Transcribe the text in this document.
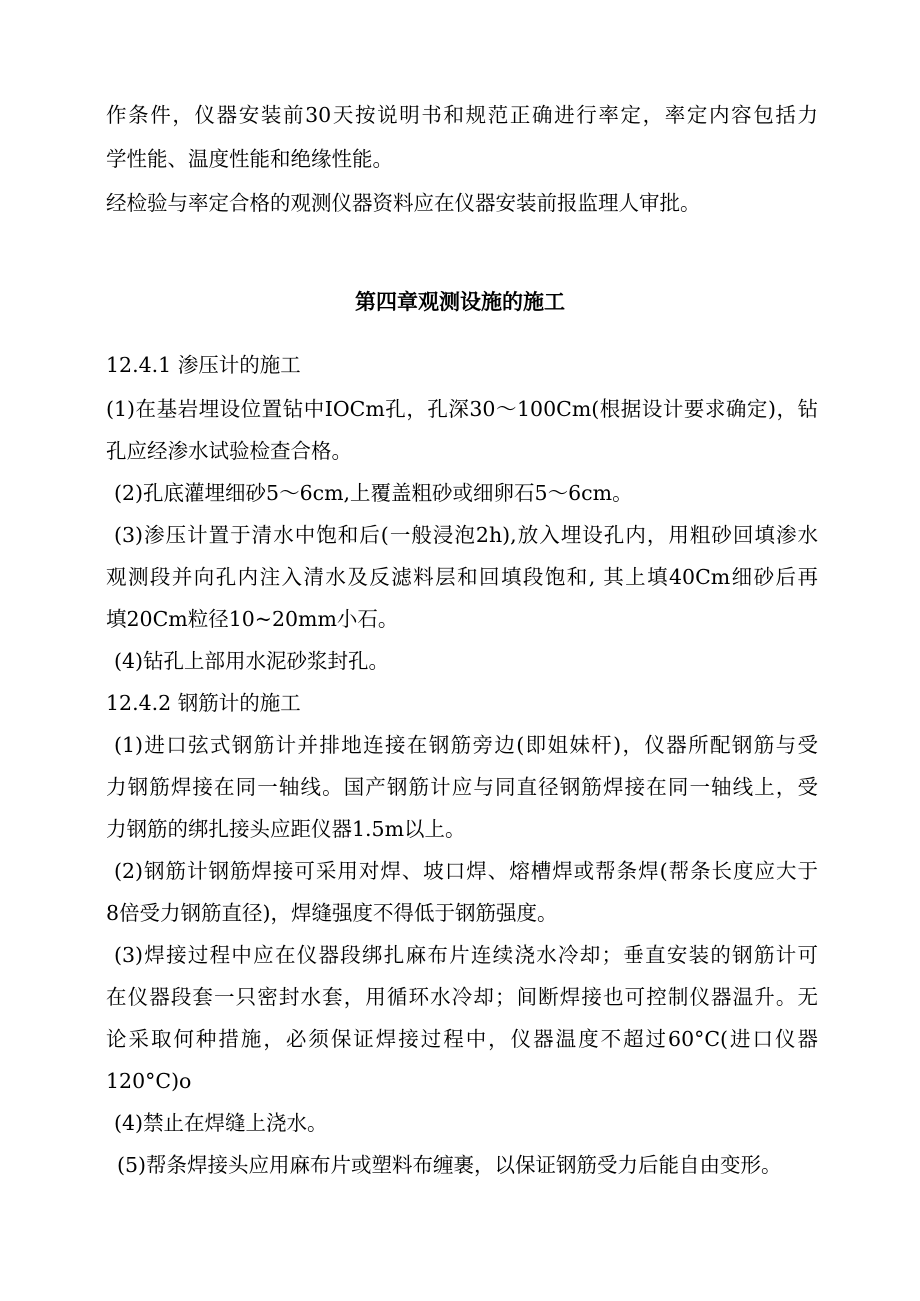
作条件，仪器安装前30天按说明书和规范正确进行率定，率定内容包括力
学性能、温度性能和绝缘性能。
经检验与率定合格的观测仪器资料应在仪器安装前报监理人审批。
第四章观测设施的施工
12.4.1 渗压计的施工
(1)在基岩埋设位置钻中IOCm孔，孔深30～100Cm(根据设计要求确定)，钻
孔应经渗水试验检查合格。
(2)孔底灌埋细砂5～6cm,上覆盖粗砂或细卵石5～6cm。
(3)渗压计置于清水中饱和后(一般浸泡2h),放入埋设孔内，用粗砂回填渗水
观测段并向孔内注入清水及反滤料层和回填段饱和, 其上填40Cm细砂后再
填20Cm粒径10~20mm小石。
(4)钻孔上部用水泥砂浆封孔。
12.4.2 钢筋计的施工
(1)进口弦式钢筋计并排地连接在钢筋旁边(即姐妹杆)，仪器所配钢筋与受
力钢筋焊接在同一轴线。国产钢筋计应与同直径钢筋焊接在同一轴线上，受
力钢筋的绑扎接头应距仪器1.5m以上。
(2)钢筋计钢筋焊接可采用对焊、坡口焊、熔槽焊或帮条焊(帮条长度应大于
8倍受力钢筋直径)，焊缝强度不得低于钢筋强度。
(3)焊接过程中应在仪器段绑扎麻布片连续浇水冷却；垂直安装的钢筋计可
在仪器段套一只密封水套，用循环水冷却；间断焊接也可控制仪器温升。无
论采取何种措施，必须保证焊接过程中，仪器温度不超过60°C(进口仪器
120°C)o
(4)禁止在焊缝上浇水。
(5)帮条焊接头应用麻布片或塑料布缠裹，以保证钢筋受力后能自由变形。
